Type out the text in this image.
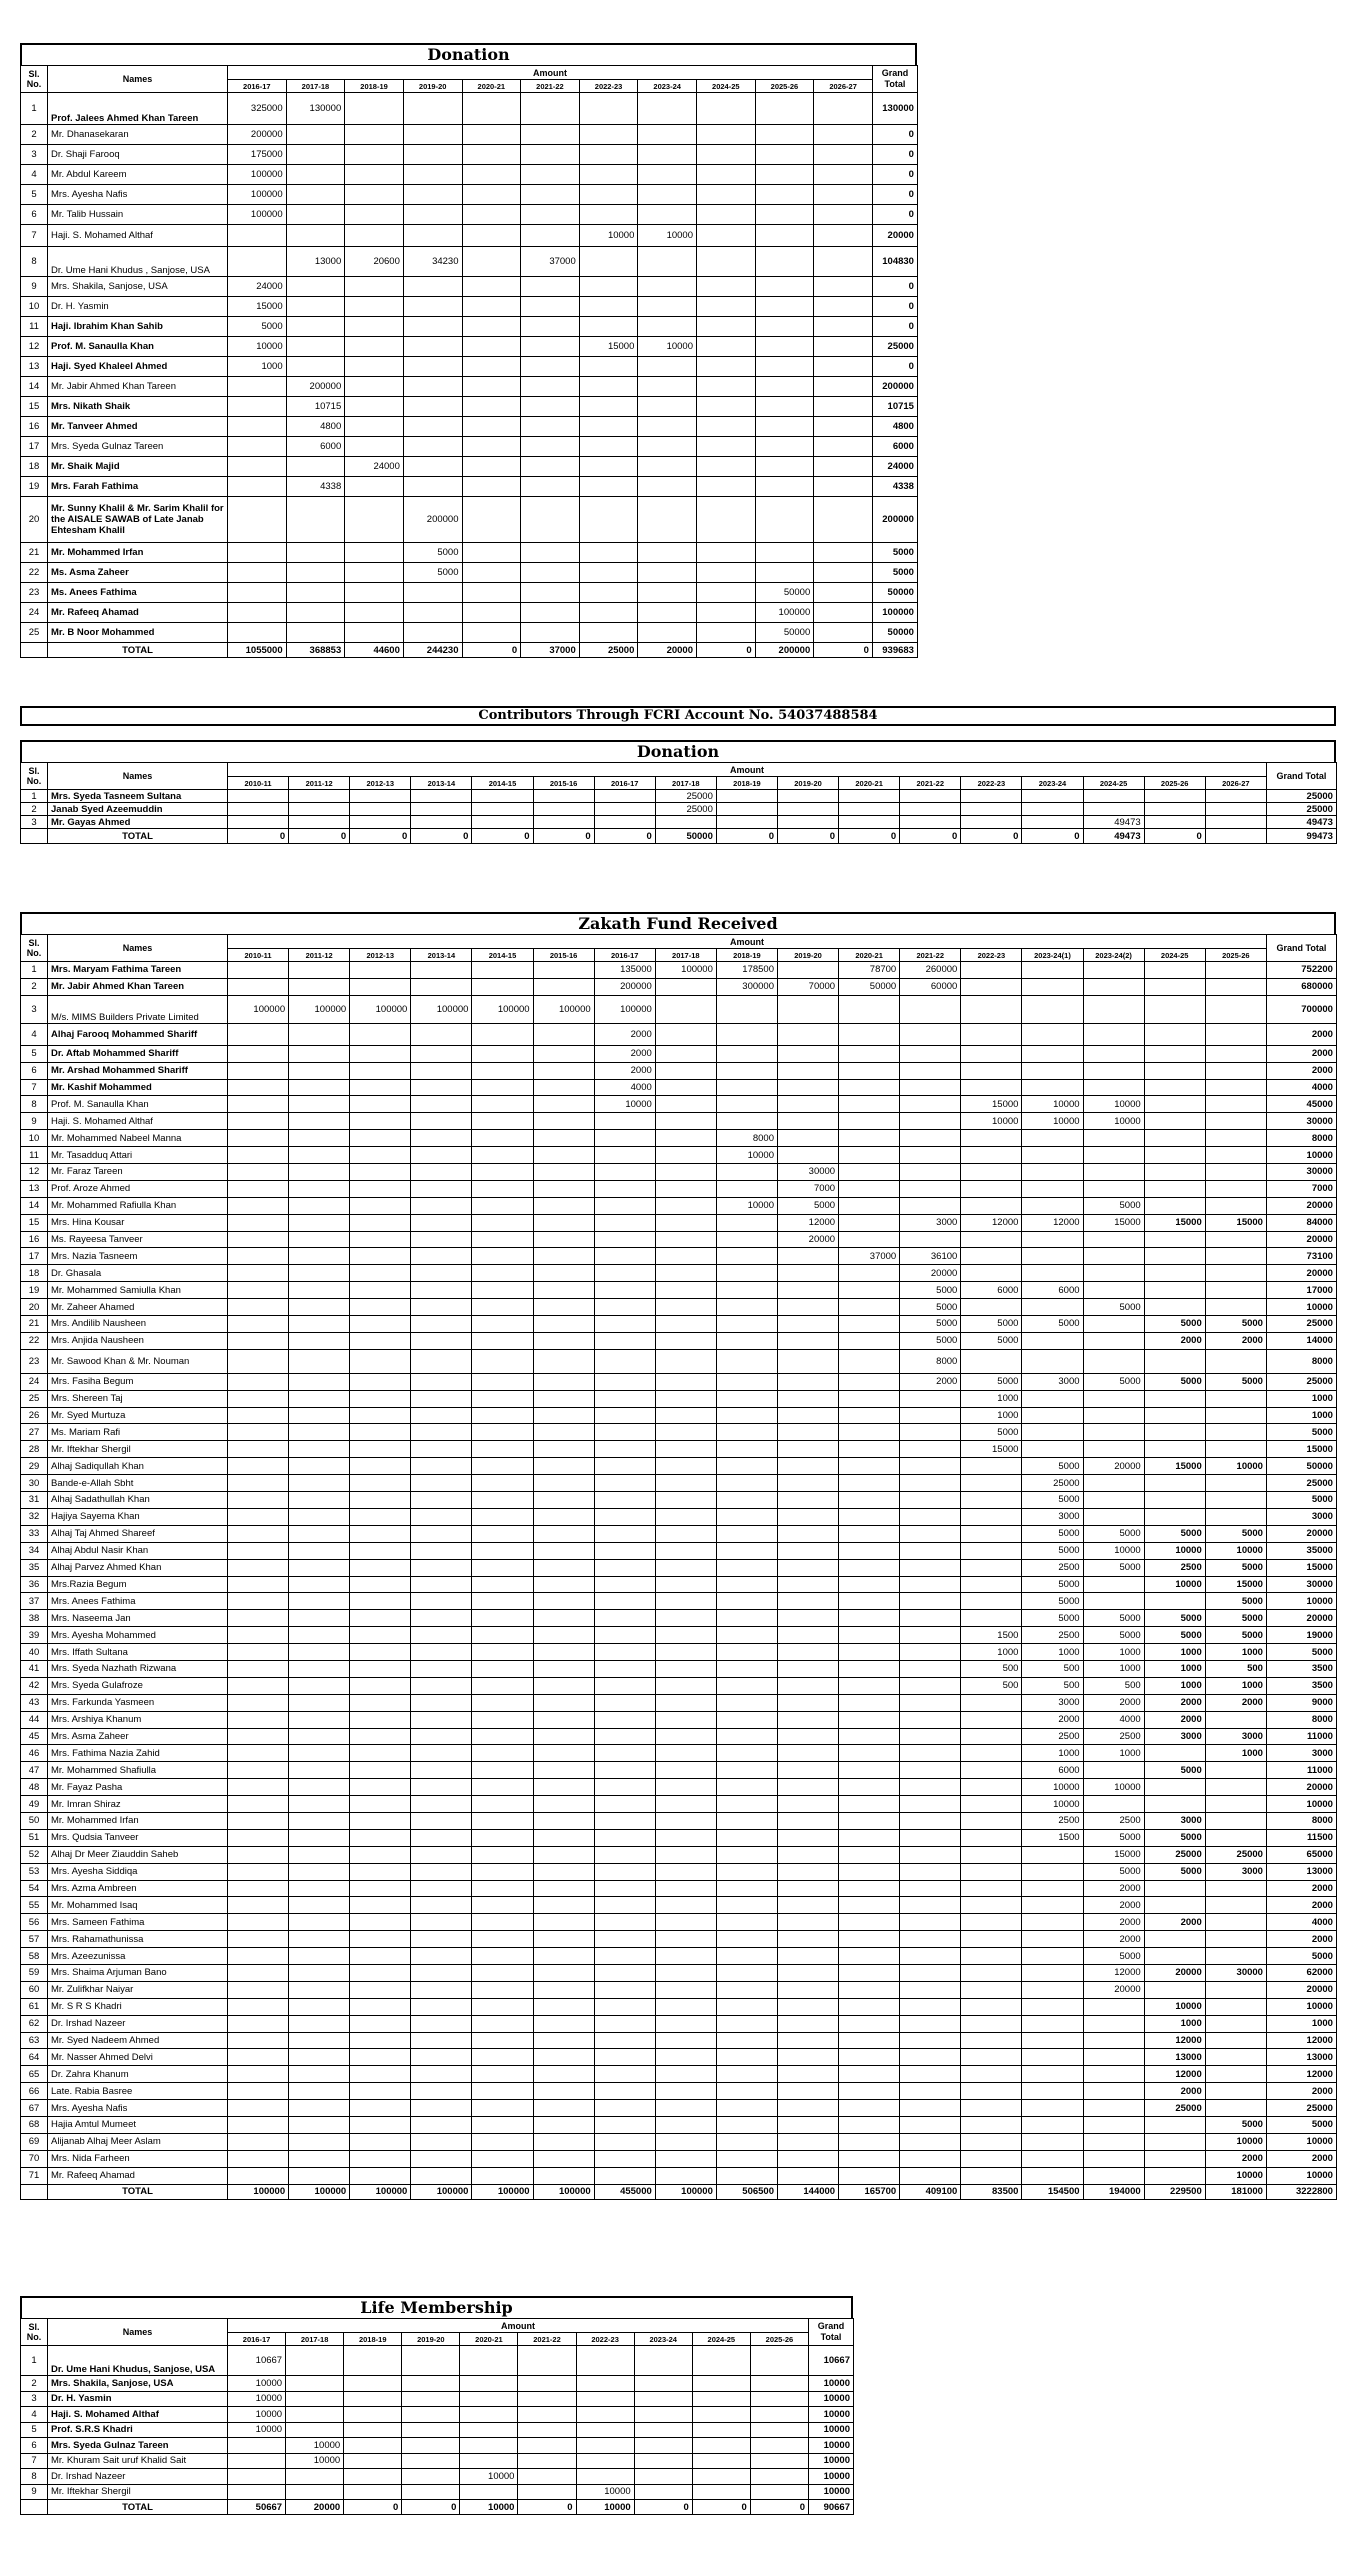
Donation
Sl. No.	Names	Amount											Grand Total
		2016-17	2017-18	2018-19	2019-20	2020-21	2021-22	2022-23	2023-24	2024-25	2025-26	2026-27	
1	Prof. Jalees Ahmed Khan Tareen	325000	130000										130000
2	Mr. Dhanasekaran	200000											0
3	Dr. Shaji Farooq	175000											0
4	Mr. Abdul Kareem	100000											0
5	Mrs. Ayesha Nafis	100000											0
6	Mr. Talib Hussain	100000											0
7	Haji. S. Mohamed Althaf							10000	10000				20000
8	Dr. Ume Hani Khudus , Sanjose, USA		13000	20600	34230		37000						104830
9	Mrs. Shakila, Sanjose, USA	24000											0
10	Dr. H. Yasmin	15000											0
11	Haji. Ibrahim Khan Sahib	5000											0
12	Prof. M. Sanaulla Khan	10000						15000	10000				25000
13	Haji. Syed Khaleel Ahmed	1000											0
14	Mr. Jabir Ahmed Khan Tareen		200000										200000
15	Mrs. Nikath Shaik		10715										10715
16	Mr. Tanveer Ahmed		4800										4800
17	Mrs. Syeda Gulnaz Tareen		6000										6000
18	Mr. Shaik Majid			24000									24000
19	Mrs. Farah Fathima		4338										4338
20	Mr. Sunny Khalil & Mr. Sarim Khalil for the AISALE SAWAB of Late Janab Ehtesham Khalil				200000								200000
21	Mr. Mohammed Irfan				5000								5000
22	Ms. Asma Zaheer				5000								5000
23	Ms. Anees Fathima										50000		50000
24	Mr. Rafeeq Ahamad										100000		100000
25	Mr. B Noor Mohammed										50000		50000
	TOTAL	1055000	368853	44600	244230	0	37000	25000	20000	0	200000	0	939683
Contributors Through FCRI Account No. 54037488584
Donation
Sl. No.	Names	Amount																	Grand Total
		2010-11	2011-12	2012-13	2013-14	2014-15	2015-16	2016-17	2017-18	2018-19	2019-20	2020-21	2021-22	2022-23	2023-24	2024-25	2025-26	2026-27	
1	Mrs. Syeda Tasneem Sultana								25000										25000
2	Janab Syed Azeemuddin								25000										25000
3	Mr. Gayas Ahmed															49473			49473
	TOTAL	0	0	0	0	0	0	0	50000	0	0	0	0	0	0	49473	0		99473
Zakath Fund Received
Sl. No.	Names	Amount																	Grand Total
		2010-11	2011-12	2012-13	2013-14	2014-15	2015-16	2016-17	2017-18	2018-19	2019-20	2020-21	2021-22	2022-23	2023-24(1)	2023-24(2)	2024-25	2025-26	
1	Mrs. Maryam Fathima Tareen							135000	100000	178500		78700	260000						752200
2	Mr. Jabir Ahmed Khan Tareen							200000		300000	70000	50000	60000						680000
3	M/s. MIMS Builders Private Limited	100000	100000	100000	100000	100000	100000	100000											700000
4	Alhaj Farooq Mohammed Shariff							2000											2000
5	Dr. Aftab Mohammed Shariff							2000											2000
6	Mr. Arshad Mohammed Shariff							2000											2000
7	Mr. Kashif Mohammed							4000											4000
8	Prof. M. Sanaulla Khan							10000						15000	10000	10000			45000
9	Haji. S. Mohamed Althaf													10000	10000	10000			30000
10	Mr. Mohammed Nabeel Manna									8000									8000
11	Mr. Tasadduq Attari									10000									10000
12	Mr. Faraz Tareen										30000								30000
13	Prof. Aroze Ahmed										7000								7000
14	Mr. Mohammed Rafiulla Khan									10000	5000					5000			20000
15	Mrs. Hina Kousar										12000		3000	12000	12000	15000	15000	15000	84000
16	Ms. Rayeesa Tanveer										20000								20000
17	Mrs. Nazia Tasneem											37000	36100						73100
18	Dr. Ghasala												20000						20000
19	Mr. Mohammed Samiulla Khan												5000	6000	6000				17000
20	Mr. Zaheer Ahamed												5000			5000			10000
21	Mrs. Andilib Nausheen												5000	5000	5000		5000	5000	25000
22	Mrs. Anjida Nausheen												5000	5000			2000	2000	14000
23	Mr. Sawood Khan & Mr. Nouman												8000						8000
24	Mrs. Fasiha Begum												2000	5000	3000	5000	5000	5000	25000
25	Mrs. Shereen Taj													1000					1000
26	Mr. Syed Murtuza													1000					1000
27	Ms. Mariam Rafi													5000					5000
28	Mr. Iftekhar Shergil													15000					15000
29	Alhaj Sadiqullah Khan														5000	20000	15000	10000	50000
30	Bande-e-Allah Sbht														25000				25000
31	Alhaj Sadathullah Khan														5000				5000
32	Hajiya Sayema Khan														3000				3000
33	Alhaj Taj Ahmed Shareef														5000	5000	5000	5000	20000
34	Alhaj Abdul Nasir Khan														5000	10000	10000	10000	35000
35	Alhaj Parvez Ahmed Khan														2500	5000	2500	5000	15000
36	Mrs.Razia Begum														5000		10000	15000	30000
37	Mrs. Anees Fathima														5000			5000	10000
38	Mrs. Naseema Jan														5000	5000	5000	5000	20000
39	Mrs. Ayesha Mohammed													1500	2500	5000	5000	5000	19000
40	Mrs. Iffath Sultana													1000	1000	1000	1000	1000	5000
41	Mrs. Syeda Nazhath Rizwana													500	500	1000	1000	500	3500
42	Mrs. Syeda Gulafroze													500	500	500	1000	1000	3500
43	Mrs. Farkunda Yasmeen														3000	2000	2000	2000	9000
44	Mrs. Arshiya Khanum														2000	4000	2000		8000
45	Mrs. Asma Zaheer														2500	2500	3000	3000	11000
46	Mrs. Fathima Nazia Zahid														1000	1000		1000	3000
47	Mr. Mohammed Shafiulla														6000		5000		11000
48	Mr. Fayaz Pasha														10000	10000			20000
49	Mr. Imran Shiraz														10000				10000
50	Mr. Mohammed Irfan														2500	2500	3000		8000
51	Mrs. Qudsia Tanveer														1500	5000	5000		11500
52	Alhaj Dr Meer Ziauddin Saheb															15000	25000	25000	65000
53	Mrs. Ayesha Siddiqa															5000	5000	3000	13000
54	Mrs. Azma Ambreen															2000			2000
55	Mr. Mohammed Isaq															2000			2000
56	Mrs. Sameen Fathima															2000	2000		4000
57	Mrs. Rahamathunissa															2000			2000
58	Mrs. Azeezunissa															5000			5000
59	Mrs. Shaima Arjuman Bano															12000	20000	30000	62000
60	Mr. Zulifkhar Naiyar															20000			20000
61	Mr. S R S Khadri																10000		10000
62	Dr. Irshad Nazeer																1000		1000
63	Mr. Syed Nadeem Ahmed																12000		12000
64	Mr. Nasser Ahmed Delvi																13000		13000
65	Dr. Zahra Khanum																12000		12000
66	Late. Rabia Basree																2000		2000
67	Mrs. Ayesha Nafis																25000		25000
68	Hajia Amtul Mumeet																	5000	5000
69	Alijanab Alhaj Meer Aslam																	10000	10000
70	Mrs. Nida Farheen																	2000	2000
71	Mr. Rafeeq Ahamad																	10000	10000
	TOTAL	100000	100000	100000	100000	100000	100000	455000	100000	506500	144000	165700	409100	83500	154500	194000	229500	181000	3222800
Life Membership
Sl. No.	Names	Amount										Grand Total
		2016-17	2017-18	2018-19	2019-20	2020-21	2021-22	2022-23	2023-24	2024-25	2025-26	
1	Dr. Ume Hani Khudus, Sanjose, USA	10667										10667
2	Mrs. Shakila, Sanjose, USA	10000										10000
3	Dr. H. Yasmin	10000										10000
4	Haji. S. Mohamed Althaf	10000										10000
5	Prof. S.R.S Khadri	10000										10000
6	Mrs. Syeda Gulnaz Tareen		10000									10000
7	Mr. Khuram Sait uruf Khalid Sait		10000									10000
8	Dr. Irshad Nazeer					10000						10000
9	Mr. Iftekhar Shergil							10000				10000
	TOTAL	50667	20000	0	0	10000	0	10000	0	0	0	90667
